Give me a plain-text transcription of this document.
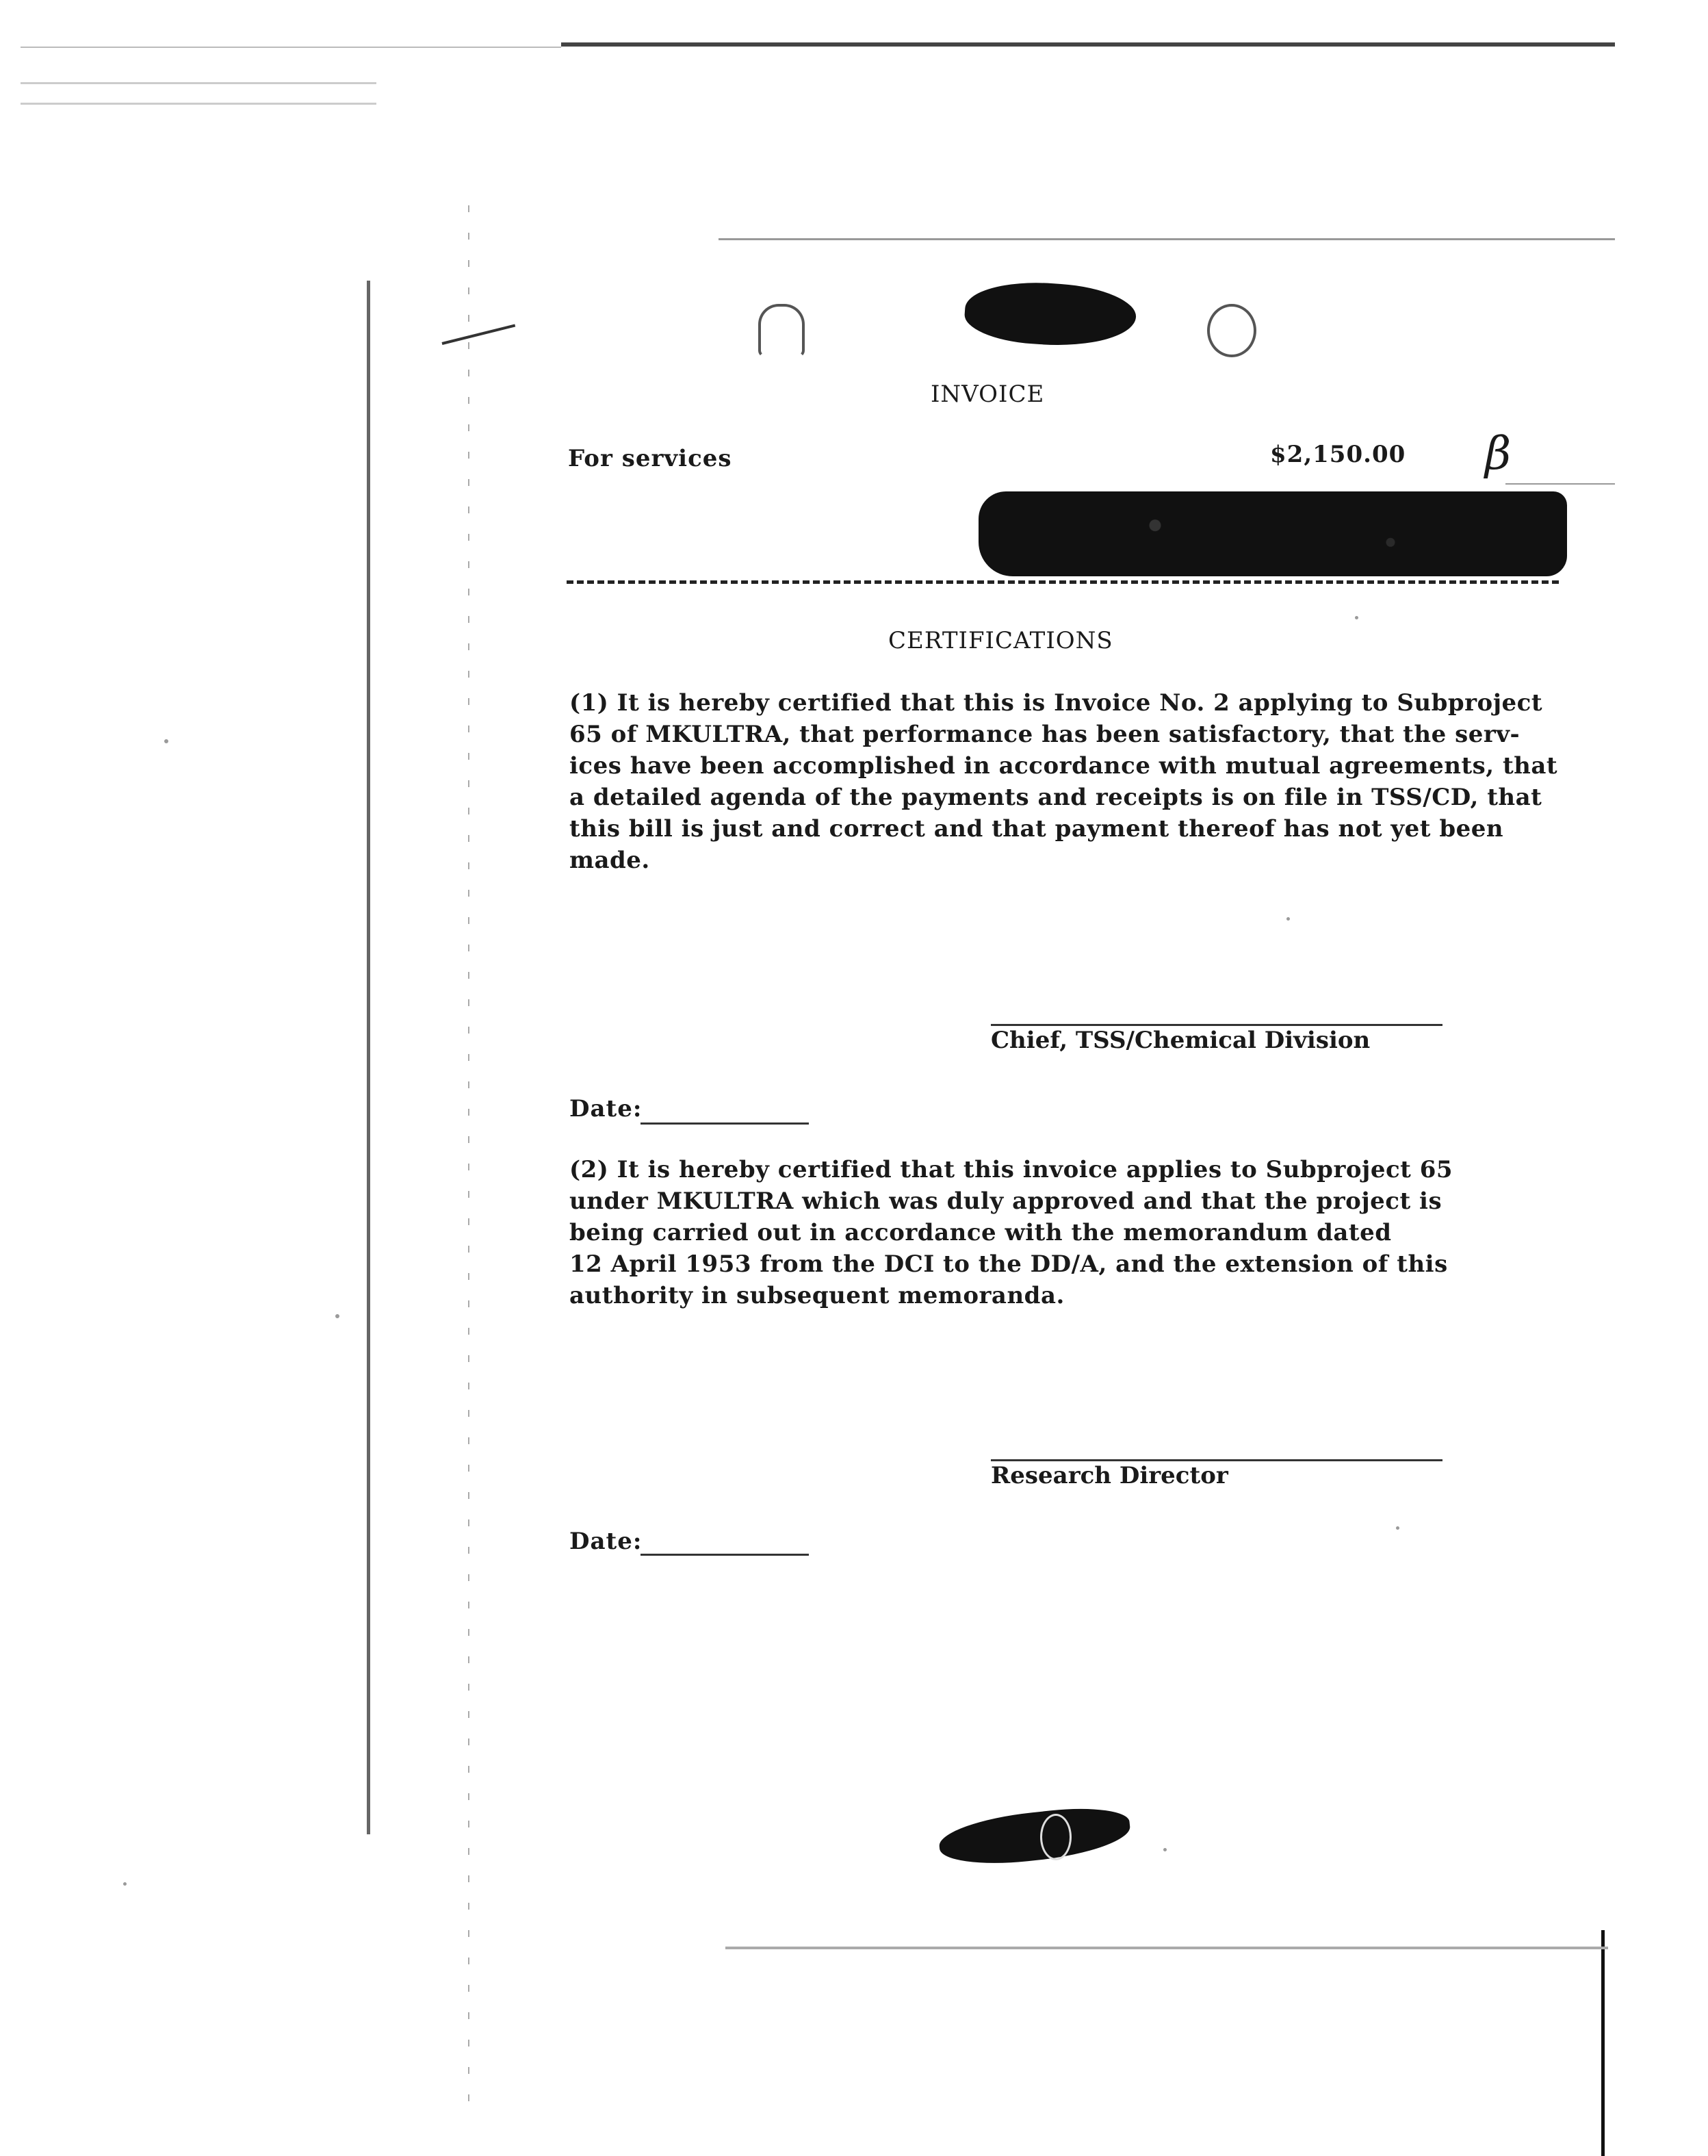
INVOICE
For services	$2,150.00 β
CERTIFICATIONS
(1) It is hereby certified that this is Invoice No. 2 applying to Subproject
65 of MKULTRA, that performance has been satisfactory, that the serv-
ices have been accomplished in accordance with mutual agreements, that
a detailed agenda of the payments and receipts is on file in TSS/CD, that
this bill is just and correct and that payment thereof has not yet been
made.
Chief, TSS/Chemical Division
Date:
(2) It is hereby certified that this invoice applies to Subproject 65
under MKULTRA which was duly approved and that the project is
being carried out in accordance with the memorandum dated
12 April 1953 from the DCI to the DD/A, and the extension of this
authority in subsequent memoranda.
Research Director
Date:
